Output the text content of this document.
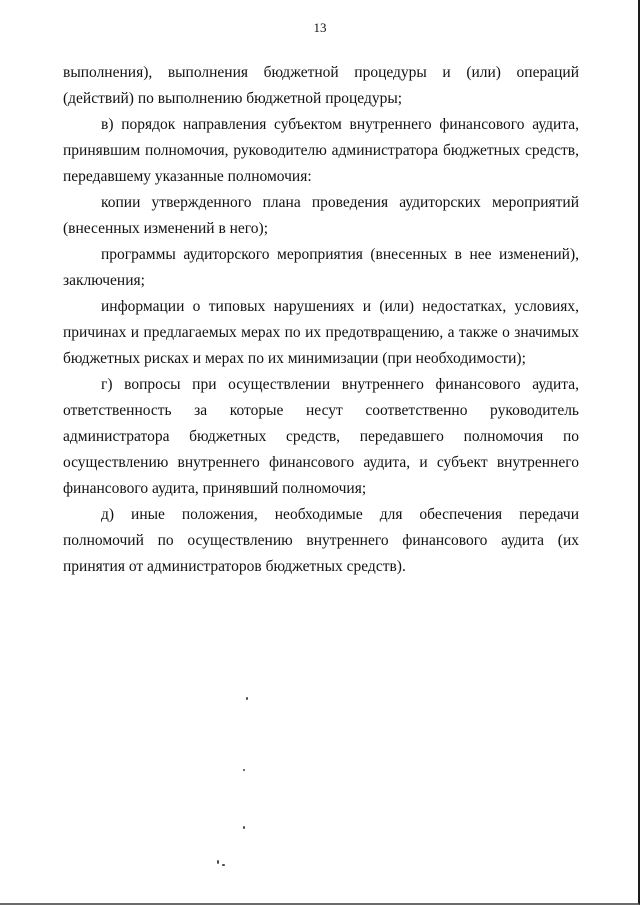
13

выполнения), выполнения бюджетной процедуры и (или) операций (действий) по выполнению бюджетной процедуры;

в) порядок направления субъектом внутреннего финансового аудита, принявшим полномочия, руководителю администратора бюджетных средств, передавшему указанные полномочия:

копии утвержденного плана проведения аудиторских мероприятий (внесенных изменений в него);

программы аудиторского мероприятия (внесенных в нее изменений), заключения;

информации о типовых нарушениях и (или) недостатках, условиях, причинах и предлагаемых мерах по их предотвращению, а также о значимых бюджетных рисках и мерах по их минимизации (при необходимости);

г) вопросы при осуществлении внутреннего финансового аудита, ответственность за которые несут соответственно руководитель администратора бюджетных средств, передавшего полномочия по осуществлению внутреннего финансового аудита, и субъект внутреннего финансового аудита, принявший полномочия;

д) иные положения, необходимые для обеспечения передачи полномочий по осуществлению внутреннего финансового аудита (их принятия от администраторов бюджетных средств).
